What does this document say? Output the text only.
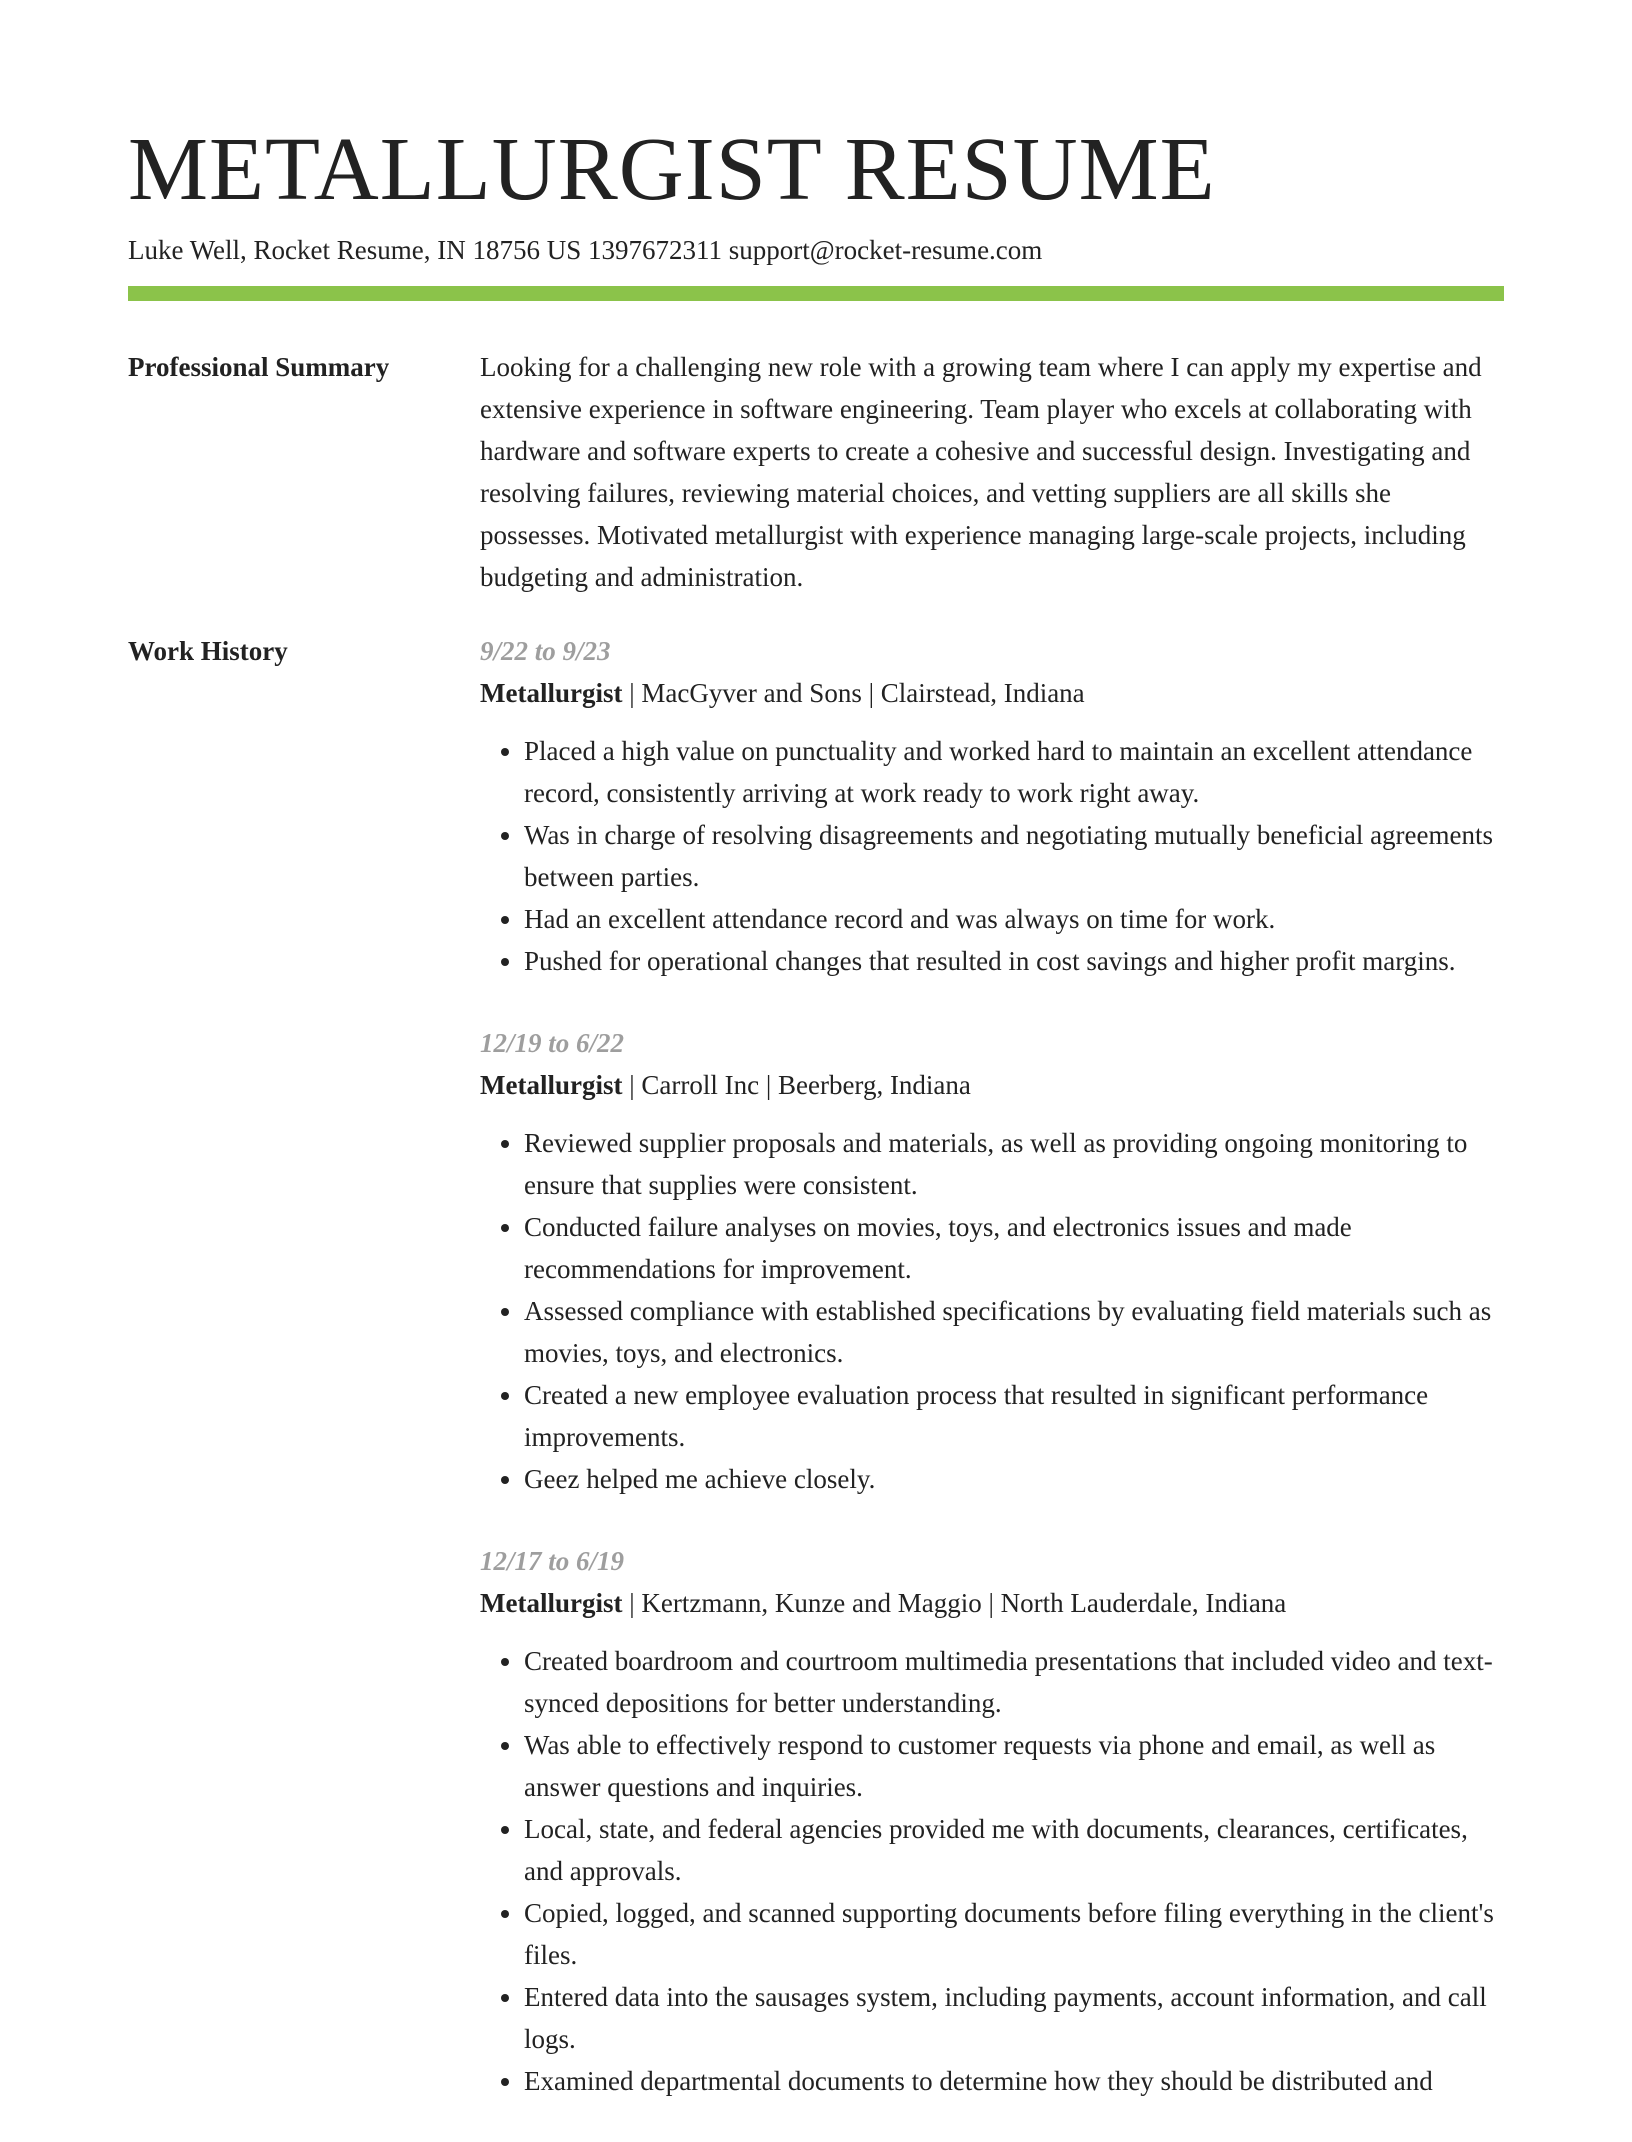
METALLURGIST RESUME
Luke Well, Rocket Resume, IN 18756 US 1397672311 support@rocket-resume.com
Professional Summary	Looking for a challenging new role with a growing team where I can apply my expertise and extensive experience in software engineering. Team player who excels at collaborating with hardware and software experts to create a cohesive and successful design. Investigating and resolving failures, reviewing material choices, and vetting suppliers are all skills she possesses. Motivated metallurgist with experience managing large-scale projects, including budgeting and administration.

Work History	9/22 to 9/23
Metallurgist | MacGyver and Sons | Clairstead, Indiana
• Placed a high value on punctuality and worked hard to maintain an excellent attendance record, consistently arriving at work ready to work right away.
• Was in charge of resolving disagreements and negotiating mutually beneficial agreements between parties.
• Had an excellent attendance record and was always on time for work.
• Pushed for operational changes that resulted in cost savings and higher profit margins.
12/19 to 6/22
Metallurgist | Carroll Inc | Beerberg, Indiana
• Reviewed supplier proposals and materials, as well as providing ongoing monitoring to ensure that supplies were consistent.
• Conducted failure analyses on movies, toys, and electronics issues and made recommendations for improvement.
• Assessed compliance with established specifications by evaluating field materials such as movies, toys, and electronics.
• Created a new employee evaluation process that resulted in significant performance improvements.
• Geez helped me achieve closely.
12/17 to 6/19
Metallurgist | Kertzmann, Kunze and Maggio | North Lauderdale, Indiana
• Created boardroom and courtroom multimedia presentations that included video and text-synced depositions for better understanding.
• Was able to effectively respond to customer requests via phone and email, as well as answer questions and inquiries.
• Local, state, and federal agencies provided me with documents, clearances, certificates, and approvals.
• Copied, logged, and scanned supporting documents before filing everything in the client's files.
• Entered data into the sausages system, including payments, account information, and call logs.
• Examined departmental documents to determine how they should be distributed and
